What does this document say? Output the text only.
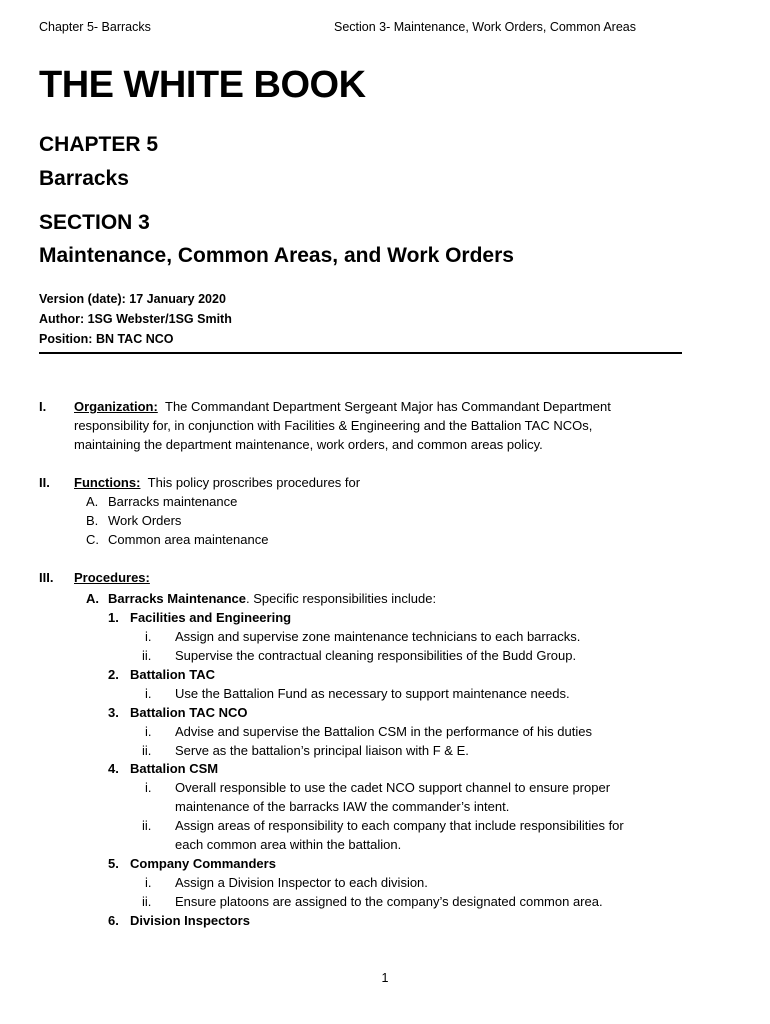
Chapter 5- Barracks	Section 3- Maintenance, Work Orders, Common Areas
THE WHITE BOOK
CHAPTER 5
Barracks
SECTION 3
Maintenance, Common Areas, and Work Orders
Version (date): 17 January 2020
Author: 1SG Webster/1SG Smith
Position: BN TAC NCO
I. Organization: The Commandant Department Sergeant Major has Commandant Department
responsibility for, in conjunction with Facilities & Engineering and the Battalion TAC NCOs,
maintaining the department maintenance, work orders, and common areas policy.
II. Functions: This policy proscribes procedures for
A. Barracks maintenance
B. Work Orders
C. Common area maintenance
III. Procedures:
A. Barracks Maintenance. Specific responsibilities include:
1. Facilities and Engineering
i. Assign and supervise zone maintenance technicians to each barracks.
ii. Supervise the contractual cleaning responsibilities of the Budd Group.
2. Battalion TAC
i. Use the Battalion Fund as necessary to support maintenance needs.
3. Battalion TAC NCO
i. Advise and supervise the Battalion CSM in the performance of his duties
ii. Serve as the battalion’s principal liaison with F & E.
4. Battalion CSM
i. Overall responsible to use the cadet NCO support channel to ensure proper
maintenance of the barracks IAW the commander’s intent.
ii. Assign areas of responsibility to each company that include responsibilities for
each common area within the battalion.
5. Company Commanders
i. Assign a Division Inspector to each division.
ii. Ensure platoons are assigned to the company’s designated common area.
6. Division Inspectors
1
